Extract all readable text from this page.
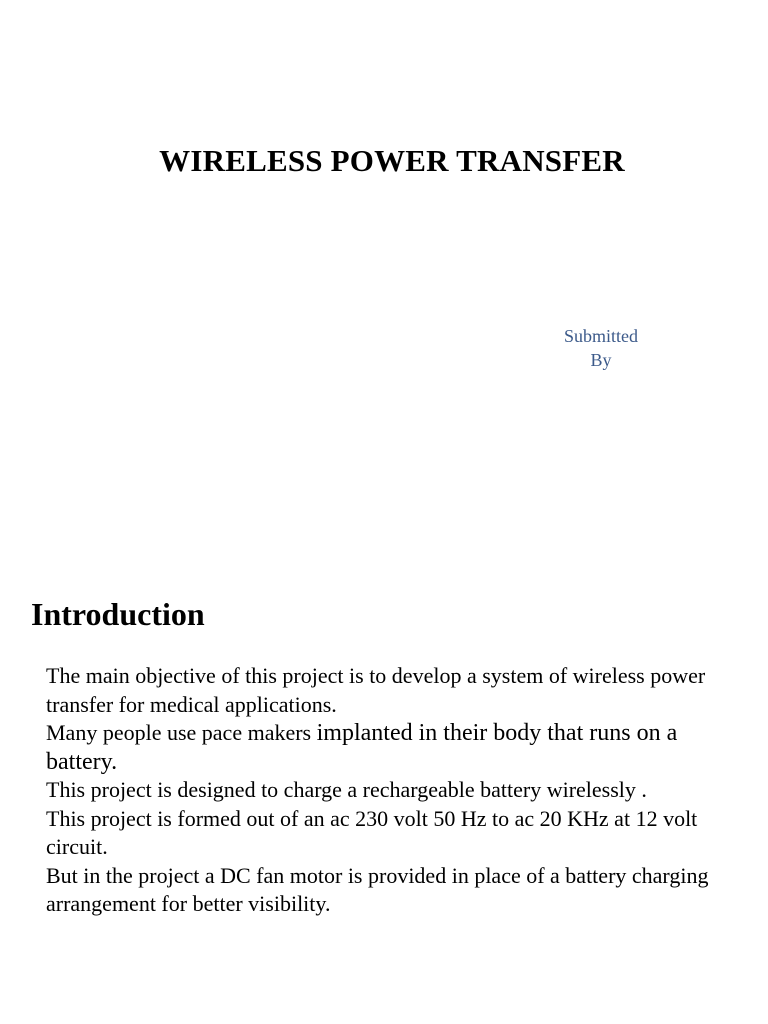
WIRELESS POWER TRANSFER
Submitted
By
Introduction

The main objective of this project is to develop a system of wireless power transfer for medical applications.

Many people use pace makers implanted in their body that runs on a battery.

This project is designed to charge a rechargeable battery wirelessly .

This project is formed out of an ac 230 volt 50 Hz to ac 20 KHz at 12 volt circuit.

But in the project a DC fan motor is provided in place of a battery charging arrangement for better visibility.
